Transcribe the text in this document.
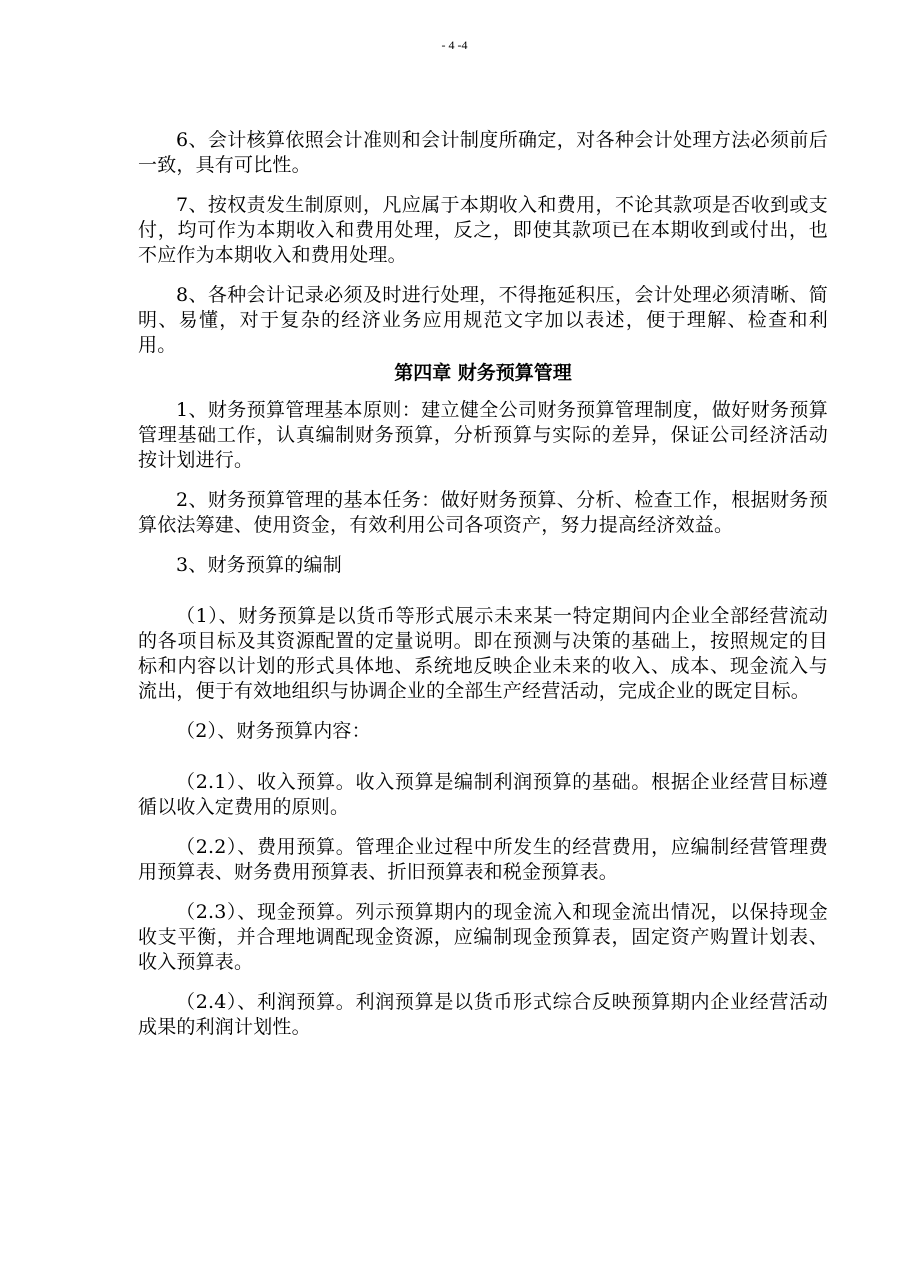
- 4 -4

6、会计核算依照会计准则和会计制度所确定，对各种会计处理方法必须前后一致，具有可比性。

7、按权责发生制原则，凡应属于本期收入和费用，不论其款项是否收到或支付，均可作为本期收入和费用处理，反之，即使其款项已在本期收到或付出，也不应作为本期收入和费用处理。

8、各种会计记录必须及时进行处理，不得拖延积压，会计处理必须清晰、简明、易懂，对于复杂的经济业务应用规范文字加以表述，便于理解、检查和利用。

第四章 财务预算管理

1、财务预算管理基本原则：建立健全公司财务预算管理制度，做好财务预算管理基础工作，认真编制财务预算，分析预算与实际的差异，保证公司经济活动按计划进行。

2、财务预算管理的基本任务：做好财务预算、分析、检查工作，根据财务预算依法筹建、使用资金，有效利用公司各项资产，努力提高经济效益。

3、财务预算的编制

（1）、财务预算是以货币等形式展示未来某一特定期间内企业全部经营流动的各项目标及其资源配置的定量说明。即在预测与决策的基础上，按照规定的目标和内容以计划的形式具体地、系统地反映企业未来的收入、成本、现金流入与流出，便于有效地组织与协调企业的全部生产经营活动，完成企业的既定目标。

（2）、财务预算内容：

（2.1）、收入预算。收入预算是编制利润预算的基础。根据企业经营目标遵循以收入定费用的原则。

（2.2）、费用预算。管理企业过程中所发生的经营费用，应编制经营管理费用预算表、财务费用预算表、折旧预算表和税金预算表。

（2.3）、现金预算。列示预算期内的现金流入和现金流出情况，以保持现金收支平衡，并合理地调配现金资源，应编制现金预算表，固定资产购置计划表、收入预算表。

（2.4）、利润预算。利润预算是以货币形式综合反映预算期内企业经营活动成果的利润计划性。
